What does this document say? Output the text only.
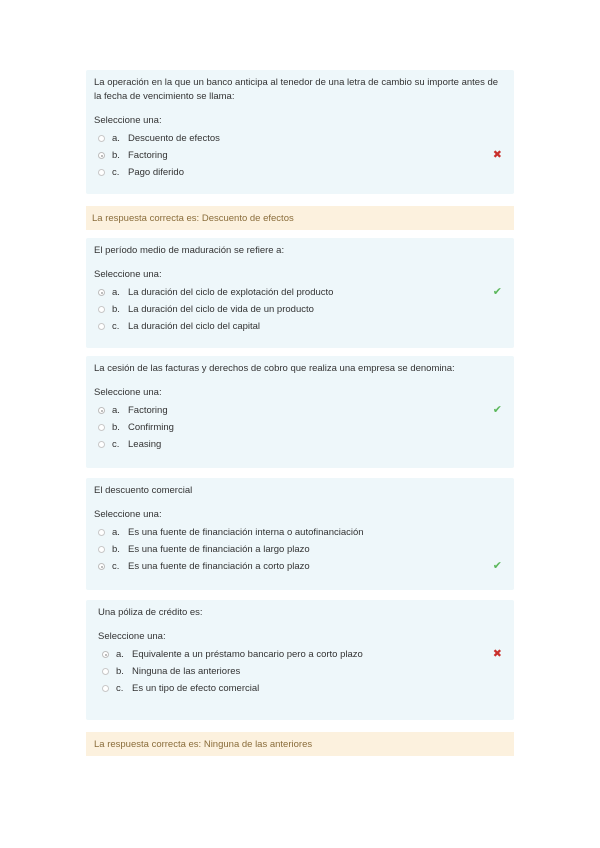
La operación en la que un banco anticipa al tenedor de una letra de cambio su importe antes de la fecha de vencimiento se llama:

Seleccione una:
a. Descuento de efectos
b. Factoring	✖
c. Pago diferido
La respuesta correcta es: Descuento de efectos

El período medio de maduración se refiere a:

Seleccione una:
a. La duración del ciclo de explotación del producto	✔
b. La duración del ciclo de vida de un producto
c. La duración del ciclo del capital

La cesión de las facturas y derechos de cobro que realiza una empresa se denomina:

Seleccione una:
a. Factoring	✔
b. Confirming
c. Leasing

El descuento comercial

Seleccione una:
a. Es una fuente de financiación interna o autofinanciación
b. Es una fuente de financiación a largo plazo
c. Es una fuente de financiación a corto plazo	✔

Una póliza de crédito es:

Seleccione una:
a. Equivalente a un préstamo bancario pero a corto plazo	✖
b. Ninguna de las anteriores
c. Es un tipo de efecto comercial
La respuesta correcta es: Ninguna de las anteriores
